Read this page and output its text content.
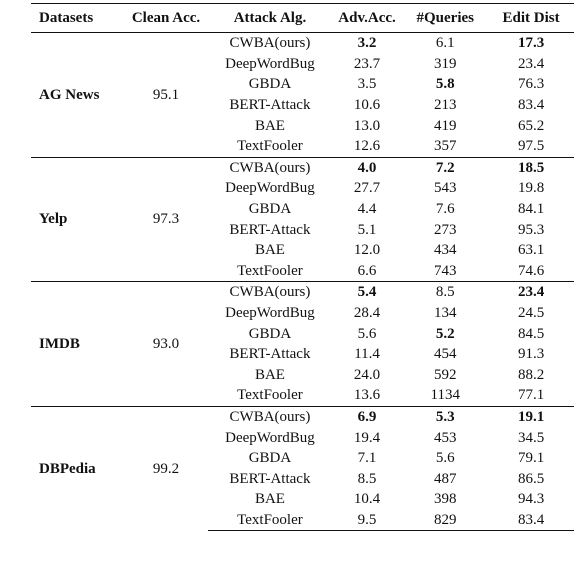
Datasets	Clean Acc.	Attack Alg.	Adv.Acc.	#Queries	Edit Dist
AG News	95.1	CWBA(ours)	3.2	6.1	17.3
		DeepWordBug	23.7	319	23.4
		GBDA	3.5	5.8	76.3
		BERT-Attack	10.6	213	83.4
		BAE	13.0	419	65.2
		TextFooler	12.6	357	97.5
Yelp	97.3	CWBA(ours)	4.0	7.2	18.5
		DeepWordBug	27.7	543	19.8
		GBDA	4.4	7.6	84.1
		BERT-Attack	5.1	273	95.3
		BAE	12.0	434	63.1
		TextFooler	6.6	743	74.6
IMDB	93.0	CWBA(ours)	5.4	8.5	23.4
		DeepWordBug	28.4	134	24.5
		GBDA	5.6	5.2	84.5
		BERT-Attack	11.4	454	91.3
		BAE	24.0	592	88.2
		TextFooler	13.6	1134	77.1
DBPedia	99.2	CWBA(ours)	6.9	5.3	19.1
		DeepWordBug	19.4	453	34.5
		GBDA	7.1	5.6	79.1
		BERT-Attack	8.5	487	86.5
		BAE	10.4	398	94.3
		TextFooler	9.5	829	83.4
